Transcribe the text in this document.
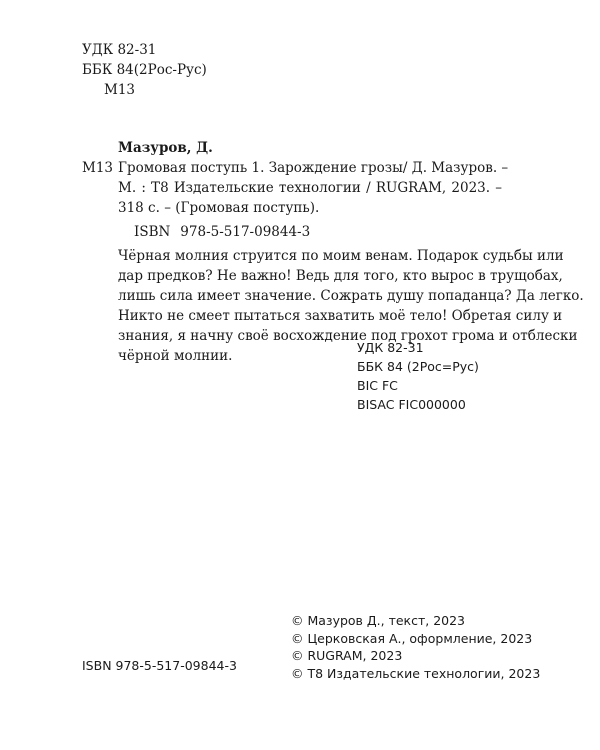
УДК 82-31
ББК 84(2Рос-Рус)
М13
Мазуров, Д.
М13 Громовая поступь 1. Зарождение грозы/ Д. Мазуров. –
М. : Т8 Издательские технологии / RUGRAM, 2023. –
318 с. – (Громовая поступь).
ISBN 978-5-517-09844-3
Чёрная молния струится по моим венам. Подарок судьбы или
дар предков? Не важно! Ведь для того, кто вырос в трущобах,
лишь сила имеет значение. Сожрать душу попаданца? Да легко.
Никто не смеет пытаться захватить моё тело! Обретая силу и
знания, я начну своё восхождение под грохот грома и отблески
чёрной молнии.
УДК 82-31
ББК 84 (2Рос=Рус)
BIC FC
BISAC FIC000000
© Мазуров Д., текст, 2023
© Церковская А., оформление, 2023
© RUGRAM, 2023
© Т8 Издательские технологии, 2023
ISBN 978-5-517-09844-3
